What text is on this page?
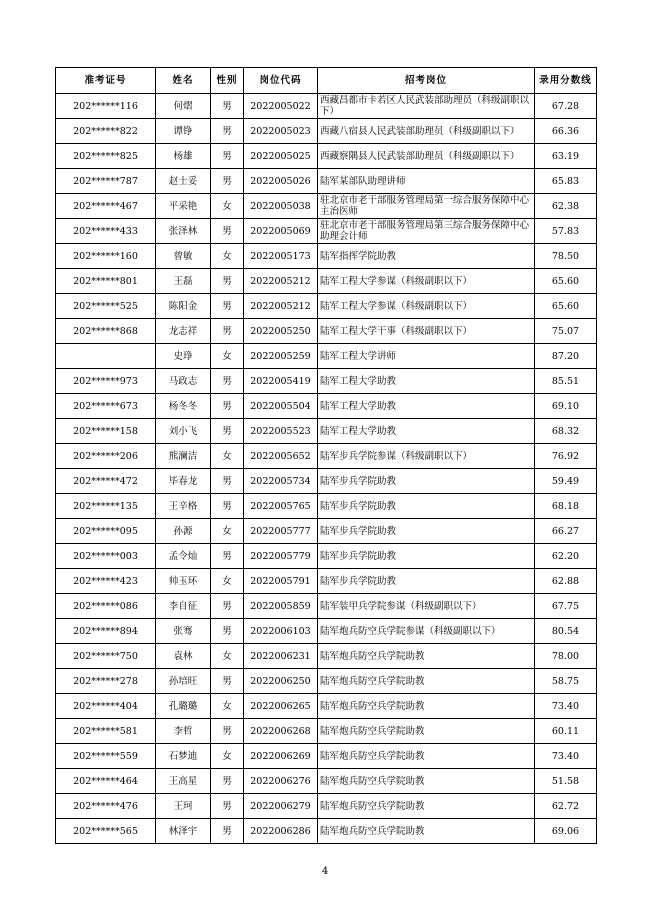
准考证号	姓名	性别	岗位代码	招考岗位	录用分数线
202******116	何熠	男	2022005022	西藏昌都市卡若区人民武装部助理员（科级副职以下）	67.28
202******822	谭铮	男	2022005023	西藏八宿县人民武装部助理员（科级副职以下）	66.36
202******825	杨雄	男	2022005025	西藏察隅县人民武装部助理员（科级副职以下）	63.19
202******787	赵士妥	男	2022005026	陆军某部队助理讲师	65.83
202******467	平采艳	女	2022005038	驻北京市老干部服务管理局第一综合服务保障中心主治医师	62.38
202******433	张泽林	男	2022005069	驻北京市老干部服务管理局第三综合服务保障中心助理会计师	57.83
202******160	曾敏	女	2022005173	陆军指挥学院助教	78.50
202******801	王磊	男	2022005212	陆军工程大学参谋（科级副职以下）	65.60
202******525	陈阳金	男	2022005212	陆军工程大学参谋（科级副职以下）	65.60
202******868	龙志祥	男	2022005250	陆军工程大学干事（科级副职以下）	75.07
	史琤	女	2022005259	陆军工程大学讲师	87.20
202******973	马政志	男	2022005419	陆军工程大学助教	85.51
202******673	杨冬冬	男	2022005504	陆军工程大学助教	69.10
202******158	刘小飞	男	2022005523	陆军工程大学助教	68.32
202******206	熊澜洁	女	2022005652	陆军步兵学院参谋（科级副职以下）	76.92
202******472	毕春龙	男	2022005734	陆军步兵学院助教	59.49
202******135	王辛格	男	2022005765	陆军步兵学院助教	68.18
202******095	孙源	女	2022005777	陆军步兵学院助教	66.27
202******003	孟令灿	男	2022005779	陆军步兵学院助教	62.20
202******423	帅玉环	女	2022005791	陆军步兵学院助教	62.88
202******086	李自征	男	2022005859	陆军装甲兵学院参谋（科级副职以下）	67.75
202******894	张骞	男	2022006103	陆军炮兵防空兵学院参谋（科级副职以下）	80.54
202******750	袁林	女	2022006231	陆军炮兵防空兵学院助教	78.00
202******278	孙培旺	男	2022006250	陆军炮兵防空兵学院助教	58.75
202******404	孔璐璐	女	2022006265	陆军炮兵防空兵学院助教	73.40
202******581	李哲	男	2022006268	陆军炮兵防空兵学院助教	60.11
202******559	石梦迪	女	2022006269	陆军炮兵防空兵学院助教	73.40
202******464	王高星	男	2022006276	陆军炮兵防空兵学院助教	51.58
202******476	王珂	男	2022006279	陆军炮兵防空兵学院助教	62.72
202******565	林泽宇	男	2022006286	陆军炮兵防空兵学院助教	69.06
4
